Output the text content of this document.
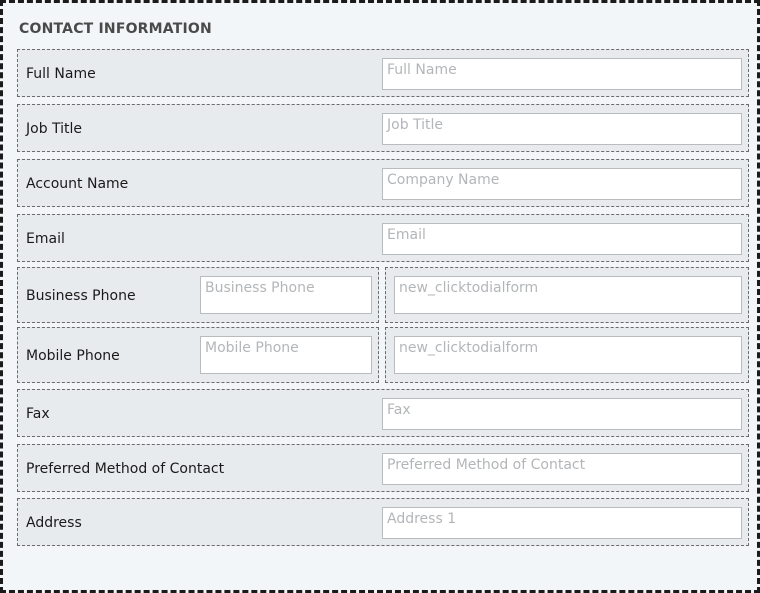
CONTACT INFORMATION
Full Name	Full Name
Job Title	Job Title
Account Name	Company Name
Email	Email
Business Phone	Business Phone	new_clicktodialform
Mobile Phone	Mobile Phone	new_clicktodialform
Fax	Fax
Preferred Method of Contact	Preferred Method of Contact
Address	Address 1
